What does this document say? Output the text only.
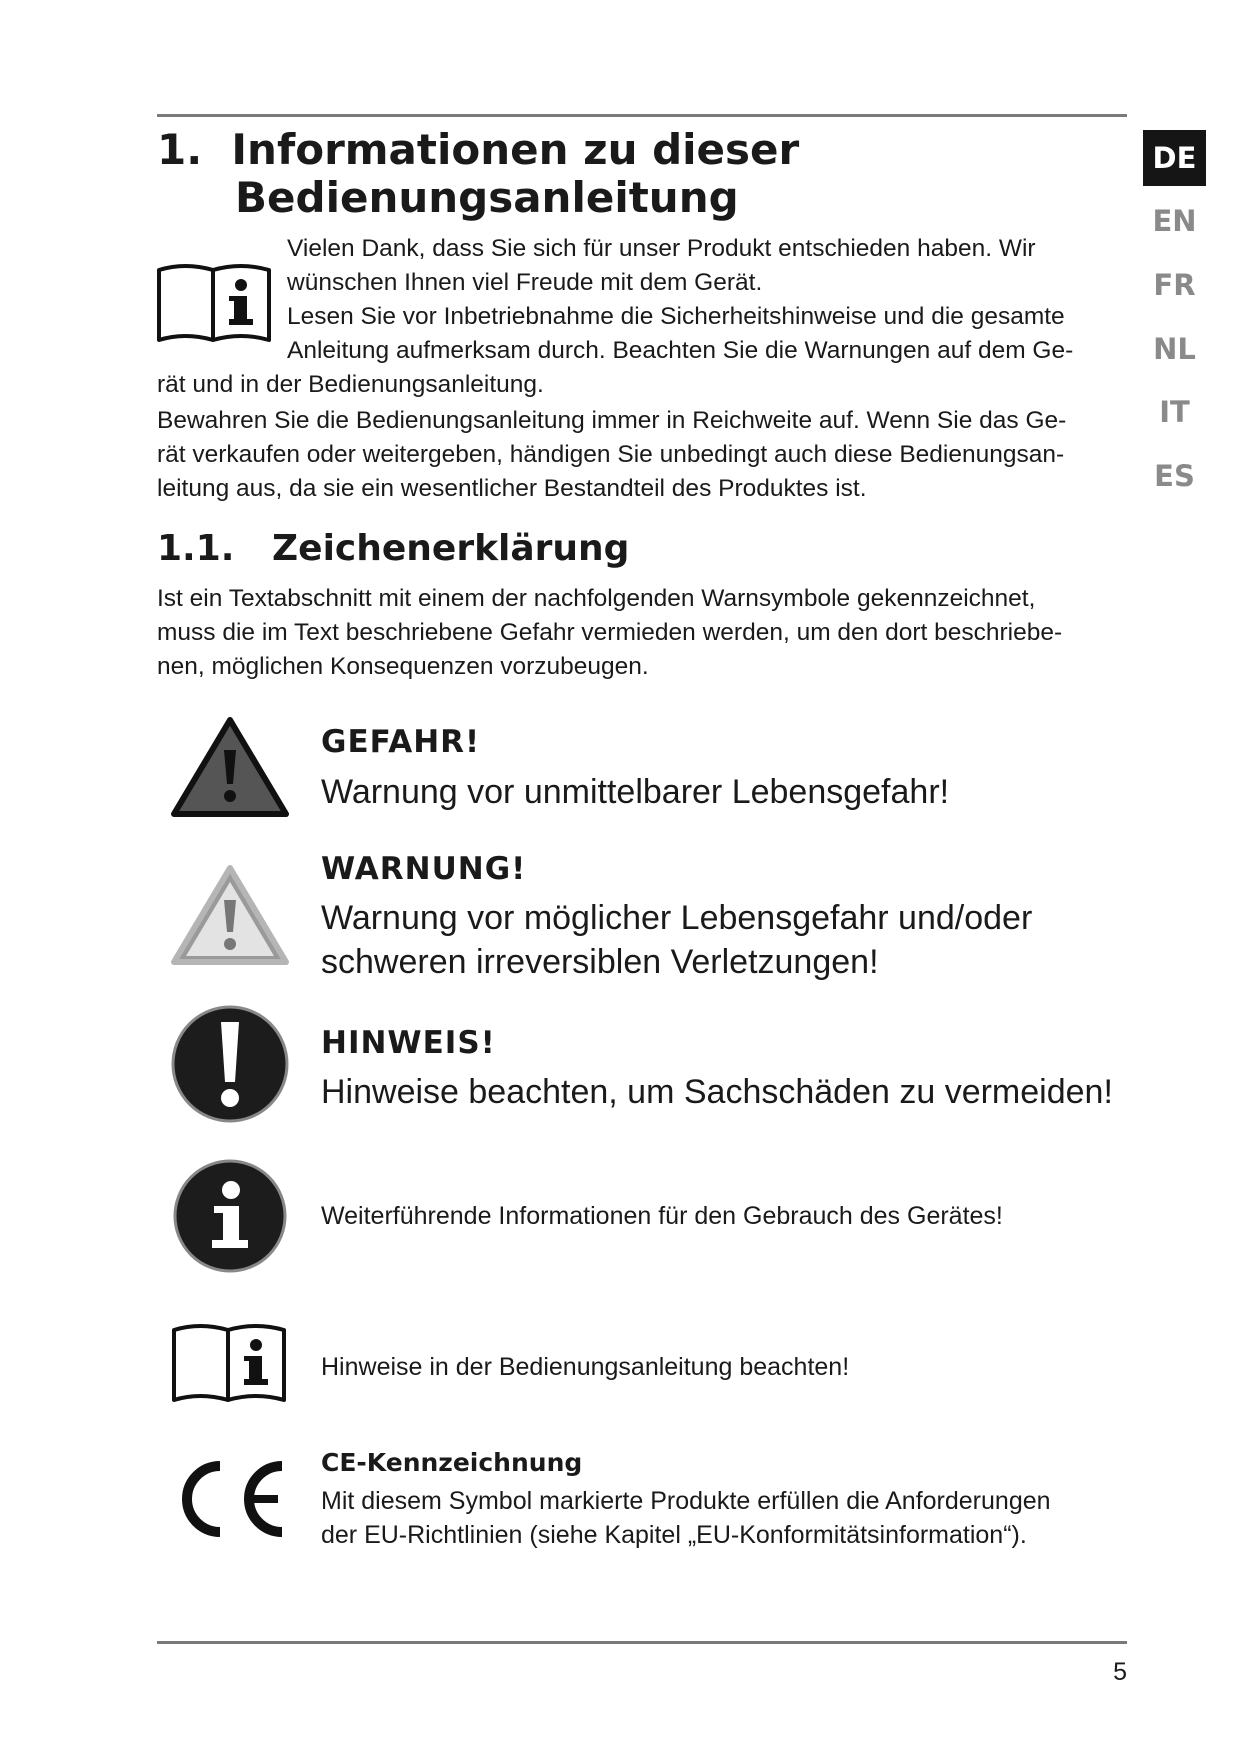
1.  Informationen zu dieser
Bedienungsanleitung
DE
EN
FR
NL
IT
ES
Vielen Dank, dass Sie sich für unser Produkt entschieden haben. Wir
wünschen Ihnen viel Freude mit dem Gerät.
Lesen Sie vor Inbetriebnahme die Sicherheitshinweise und die gesamte
Anleitung aufmerksam durch. Beachten Sie die Warnungen auf dem Ge-
rät und in der Bedienungsanleitung.
Bewahren Sie die Bedienungsanleitung immer in Reichweite auf. Wenn Sie das Ge-
rät verkaufen oder weitergeben, händigen Sie unbedingt auch diese Bedienungsan-
leitung aus, da sie ein wesentlicher Bestandteil des Produktes ist.
1.1.   Zeichenerklärung
Ist ein Textabschnitt mit einem der nachfolgenden Warnsymbole gekennzeichnet,
muss die im Text beschriebene Gefahr vermieden werden, um den dort beschriebe-
nen, möglichen Konsequenzen vorzubeugen.
GEFAHR!
Warnung vor unmittelbarer Lebensgefahr!
WARNUNG!
Warnung vor möglicher Lebensgefahr und/oder
schweren irreversiblen Verletzungen!
HINWEIS!
Hinweise beachten, um Sachschäden zu vermeiden!
Weiterführende Informationen für den Gebrauch des Gerätes!
Hinweise in der Bedienungsanleitung beachten!
CE-Kennzeichnung
Mit diesem Symbol markierte Produkte erfüllen die Anforderungen
der EU-Richtlinien (siehe Kapitel „EU-Konformitätsinformation“).
5
